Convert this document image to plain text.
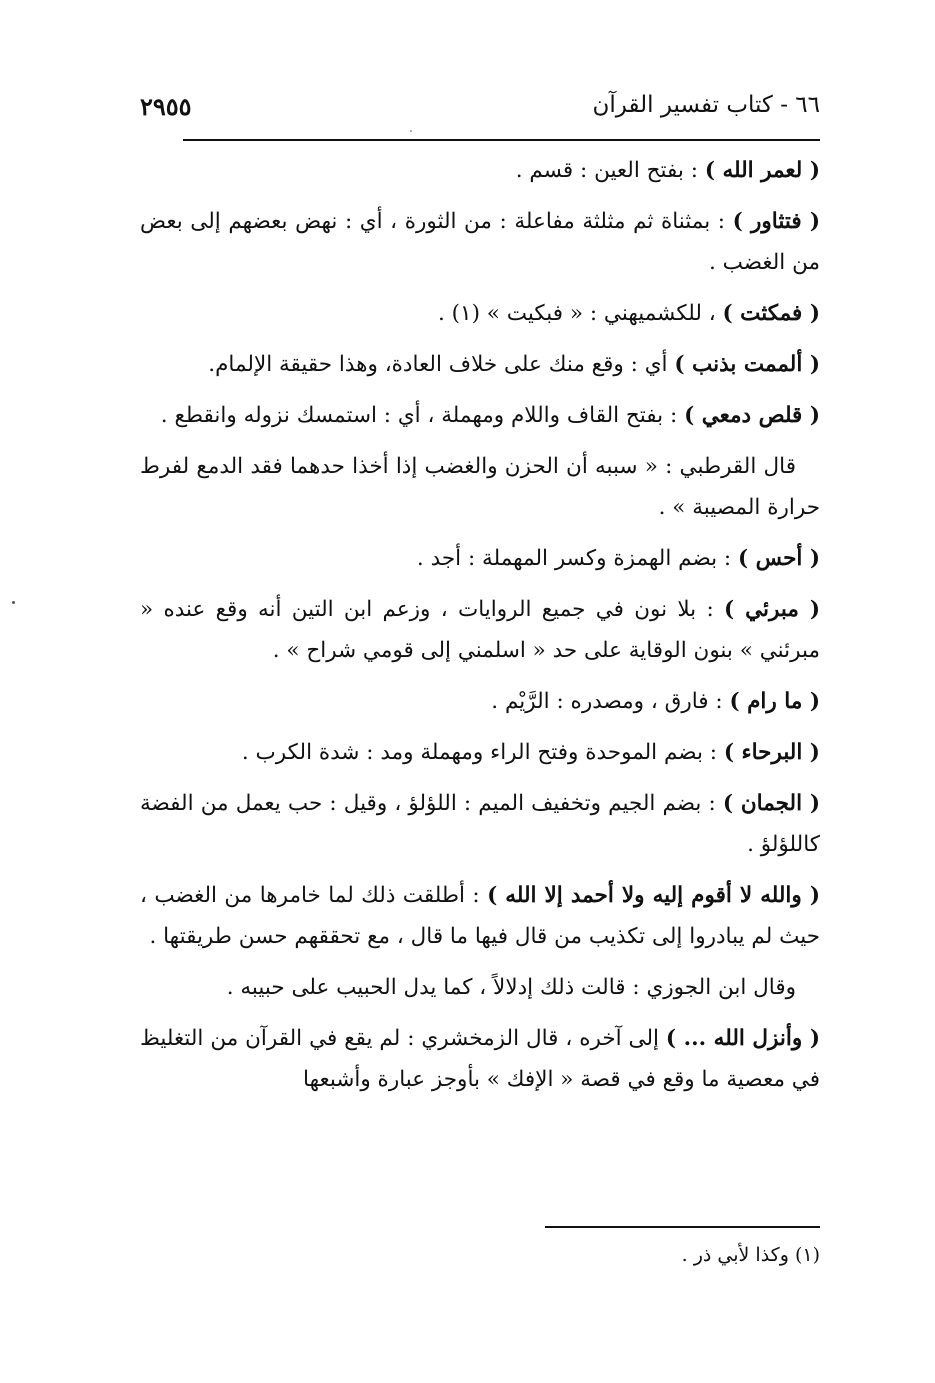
٦٦ - كتاب تفسير القرآن
٢٩٥٥

( لعمر الله ) : بفتح العين : قسم .

( فتثاور ) : بمثناة ثم مثلثة مفاعلة : من الثورة ، أي : نهض بعضهم إلى بعض من الغضب .

( فمكثت ) ، للكشميهني : « فبكيت » (١) .

( ألممت بذنب ) أي : وقع منك على خلاف العادة، وهذا حقيقة الإلمام.

( قلص دمعي ) : بفتح القاف واللام ومهملة ، أي : استمسك نزوله وانقطع .

قال القرطبي : « سببه أن الحزن والغضب إذا أخذا حدهما فقد الدمع لفرط حرارة المصيبة » .

( أحس ) : بضم الهمزة وكسر المهملة : أجد .

( مبرئي ) : بلا نون في جميع الروايات ، وزعم ابن التين أنه وقع عنده « مبرئني » بنون الوقاية على حد « اسلمني إلى قومي شراح » .

( ما رام ) : فارق ، ومصدره : الرَّيْم .

( البرحاء ) : بضم الموحدة وفتح الراء ومهملة ومد : شدة الكرب .

( الجمان ) : بضم الجيم وتخفيف الميم : اللؤلؤ ، وقيل : حب يعمل من الفضة كاللؤلؤ .

( والله لا أقوم إليه ولا أحمد إلا الله ) : أطلقت ذلك لما خامرها من الغضب ، حيث لم يبادروا إلى تكذيب من قال فيها ما قال ، مع تحققهم حسن طريقتها .

وقال ابن الجوزي : قالت ذلك إدلالاً ، كما يدل الحبيب على حبيبه .

( وأنزل الله ... ) إلى آخره ، قال الزمخشري : لم يقع في القرآن من التغليظ في معصية ما وقع في قصة « الإفك » بأوجز عبارة وأشبعها

(١) وكذا لأبي ذر .
